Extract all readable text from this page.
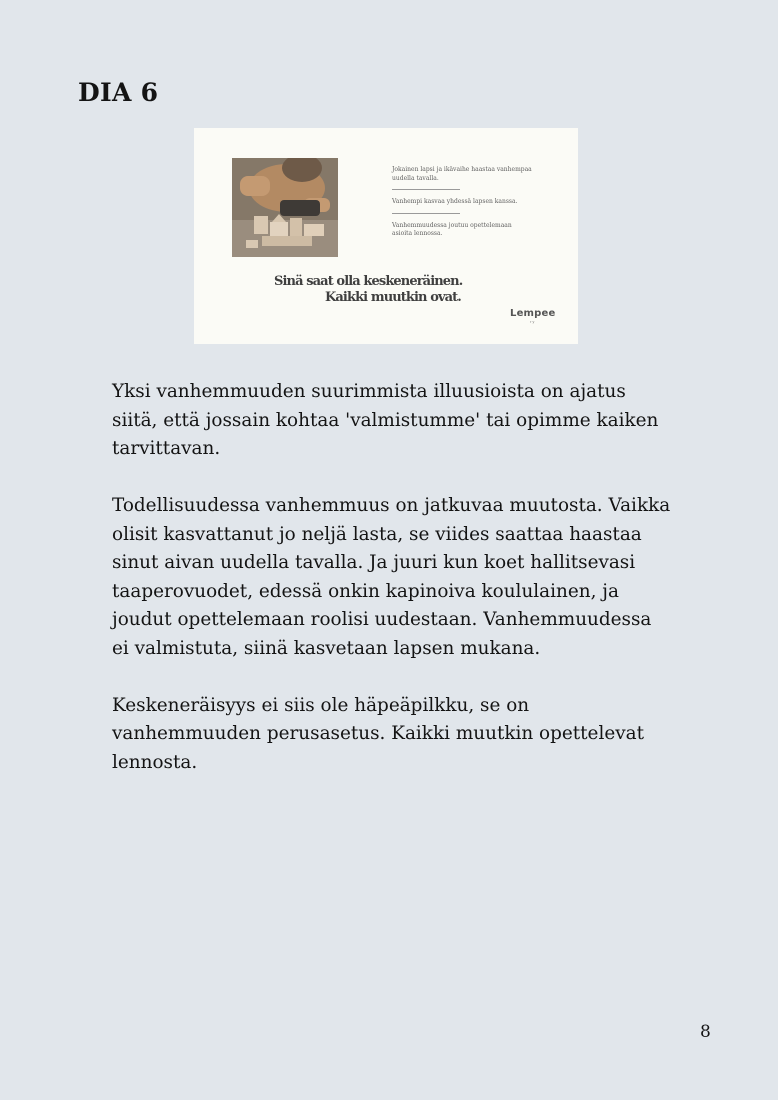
DIA 6

Jokainen lapsi ja ikävaihe haastaa vanhempaa uudella tavalla.

Vanhempi kasvaa yhdessä lapsen kanssa.

Vanhemmuudessa joutuu opettelemaan asioita lennossa.

Sinä saat olla keskeneräinen.
Kaikki muutkin ovat.
Lempee
ry

Yksi vanhemmuuden suurimmista illuusioista on ajatus siitä, että jossain kohtaa 'valmistumme' tai opimme kaiken tarvittavan.

Todellisuudessa vanhemmuus on jatkuvaa muutosta. Vaikka olisit kasvattanut jo neljä lasta, se viides saattaa haastaa sinut aivan uudella tavalla. Ja juuri kun koet hallitsevasi taaperovuodet, edessä onkin kapinoiva koululainen, ja joudut opettelemaan roolisi uudestaan. Vanhemmuudessa ei valmistuta, siinä kasvetaan lapsen mukana.

Keskeneräisyys ei siis ole häpeäpilkku, se on vanhemmuuden perusasetus. Kaikki muutkin opettelevat lennosta.

8
